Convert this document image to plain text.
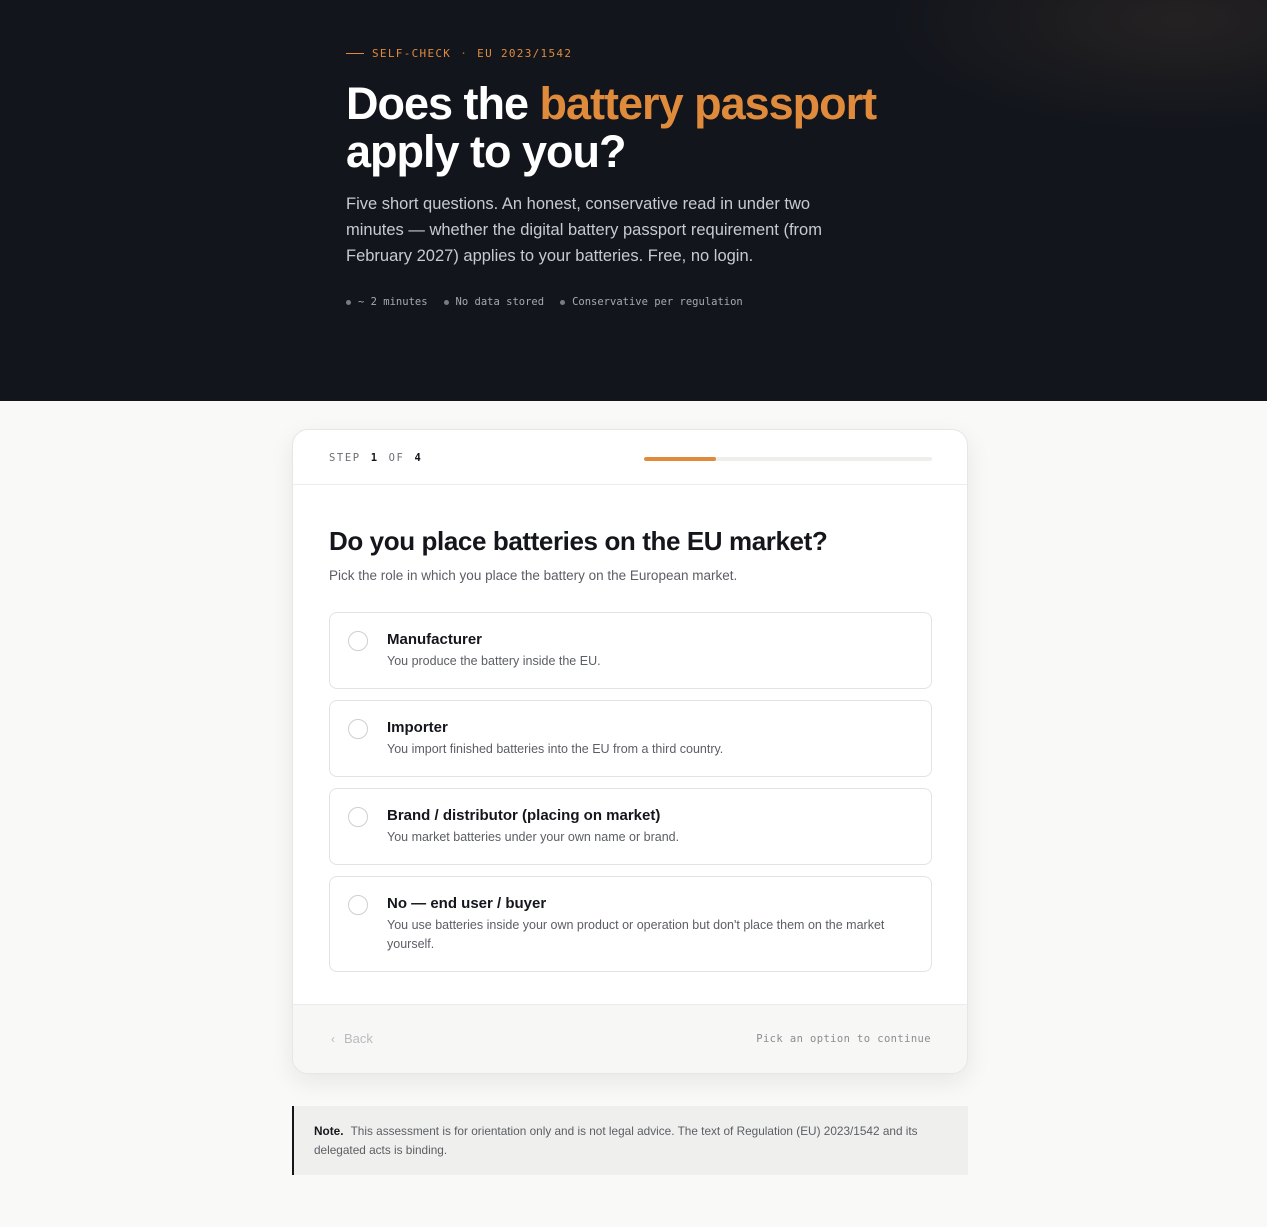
SELF-CHECK · EU 2023/1542
Does the battery passport
apply to you?

Five short questions. An honest, conservative read in under two minutes — whether the digital battery passport requirement (from February 2027) applies to your batteries. Free, no login.

~ 2 minutes	No data stored	Conservative per regulation
STEP 1 OF 4
Do you place batteries on the EU market?

Pick the role in which you place the battery on the European market.

Manufacturer
You produce the battery inside the EU.
Importer
You import finished batteries into the EU from a third country.
Brand / distributor (placing on market)
You market batteries under your own name or brand.
No — end user / buyer
You use batteries inside your own product or operation but don't place them on the market yourself.
‹ Back	Pick an option to continue
Note. This assessment is for orientation only and is not legal advice. The text of Regulation (EU) 2023/1542 and its delegated acts is binding.
